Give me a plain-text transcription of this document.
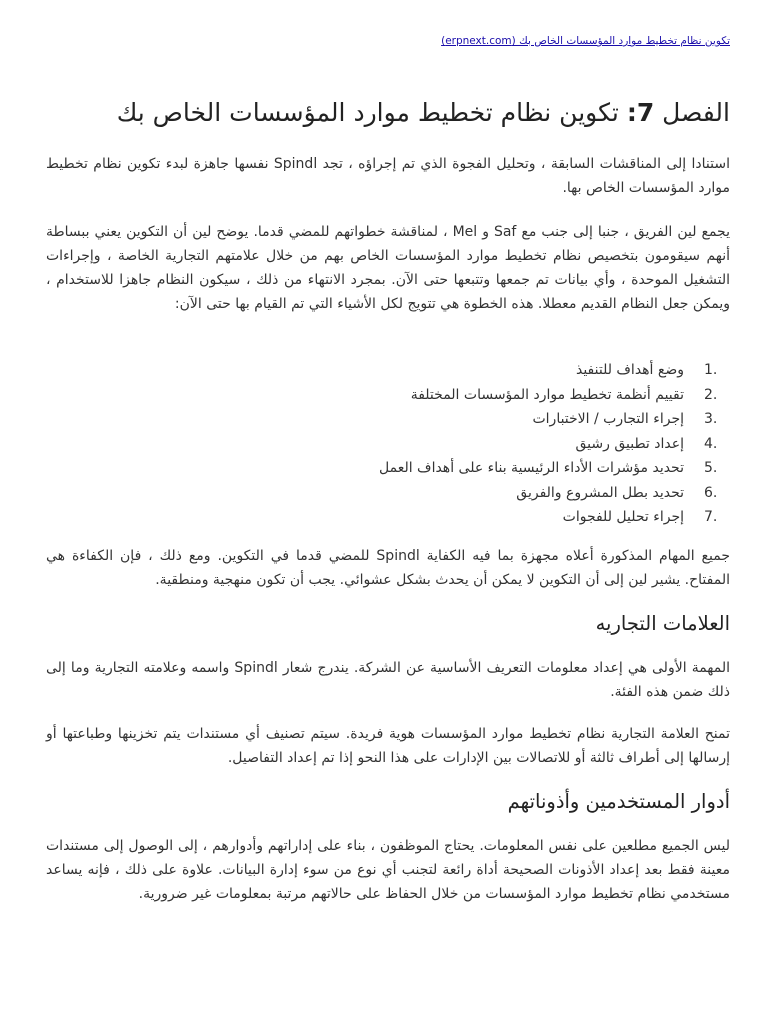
تكوين نظام تخطيط موارد المؤسسات الخاص بك (erpnext.com)
الفصل 7: تكوين نظام تخطيط موارد المؤسسات الخاص بك

استنادا إلى المناقشات السابقة ، وتحليل الفجوة الذي تم إجراؤه ، تجد Spindl نفسها جاهزة لبدء تكوين نظام تخطيط موارد المؤسسات الخاص بها.

يجمع لين الفريق ، جنبا إلى جنب مع Saf و Mel ، لمناقشة خطواتهم للمضي قدما. يوضح لين أن التكوين يعني ببساطة أنهم سيقومون بتخصيص نظام تخطيط موارد المؤسسات الخاص بهم من خلال علامتهم التجارية الخاصة ، وإجراءات التشغيل الموحدة ، وأي بيانات تم جمعها وتتبعها حتى الآن. بمجرد الانتهاء من ذلك ، سيكون النظام جاهزا للاستخدام ، ويمكن جعل النظام القديم معطلا. هذه الخطوة هي تتويج لكل الأشياء التي تم القيام بها حتى الآن:

1.
وضع أهداف للتنفيذ
2.
تقييم أنظمة تخطيط موارد المؤسسات المختلفة
3.
إجراء التجارب / الاختبارات
4.
إعداد تطبيق رشيق
5.
تحديد مؤشرات الأداء الرئيسية بناء على أهداف العمل
6.
تحديد بطل المشروع والفريق
7.
إجراء تحليل للفجوات

جميع المهام المذكورة أعلاه مجهزة بما فيه الكفاية Spindl للمضي قدما في التكوين. ومع ذلك ، فإن الكفاءة هي المفتاح. يشير لين إلى أن التكوين لا يمكن أن يحدث بشكل عشوائي. يجب أن تكون منهجية ومنطقية.

العلامات التجاريه

المهمة الأولى هي إعداد معلومات التعريف الأساسية عن الشركة. يندرج شعار Spindl واسمه وعلامته التجارية وما إلى ذلك ضمن هذه الفئة.

تمنح العلامة التجارية نظام تخطيط موارد المؤسسات هوية فريدة. سيتم تصنيف أي مستندات يتم تخزينها وطباعتها أو إرسالها إلى أطراف ثالثة أو للاتصالات بين الإدارات على هذا النحو إذا تم إعداد التفاصيل.

أدوار المستخدمين وأذوناتهم

ليس الجميع مطلعين على نفس المعلومات. يحتاج الموظفون ، بناء على إداراتهم وأدوارهم ، إلى الوصول إلى مستندات معينة فقط بعد إعداد الأذونات الصحيحة أداة رائعة لتجنب أي نوع من سوء إدارة البيانات. علاوة على ذلك ، فإنه يساعد مستخدمي نظام تخطيط موارد المؤسسات من خلال الحفاظ على حالاتهم مرتبة بمعلومات غير ضرورية.
